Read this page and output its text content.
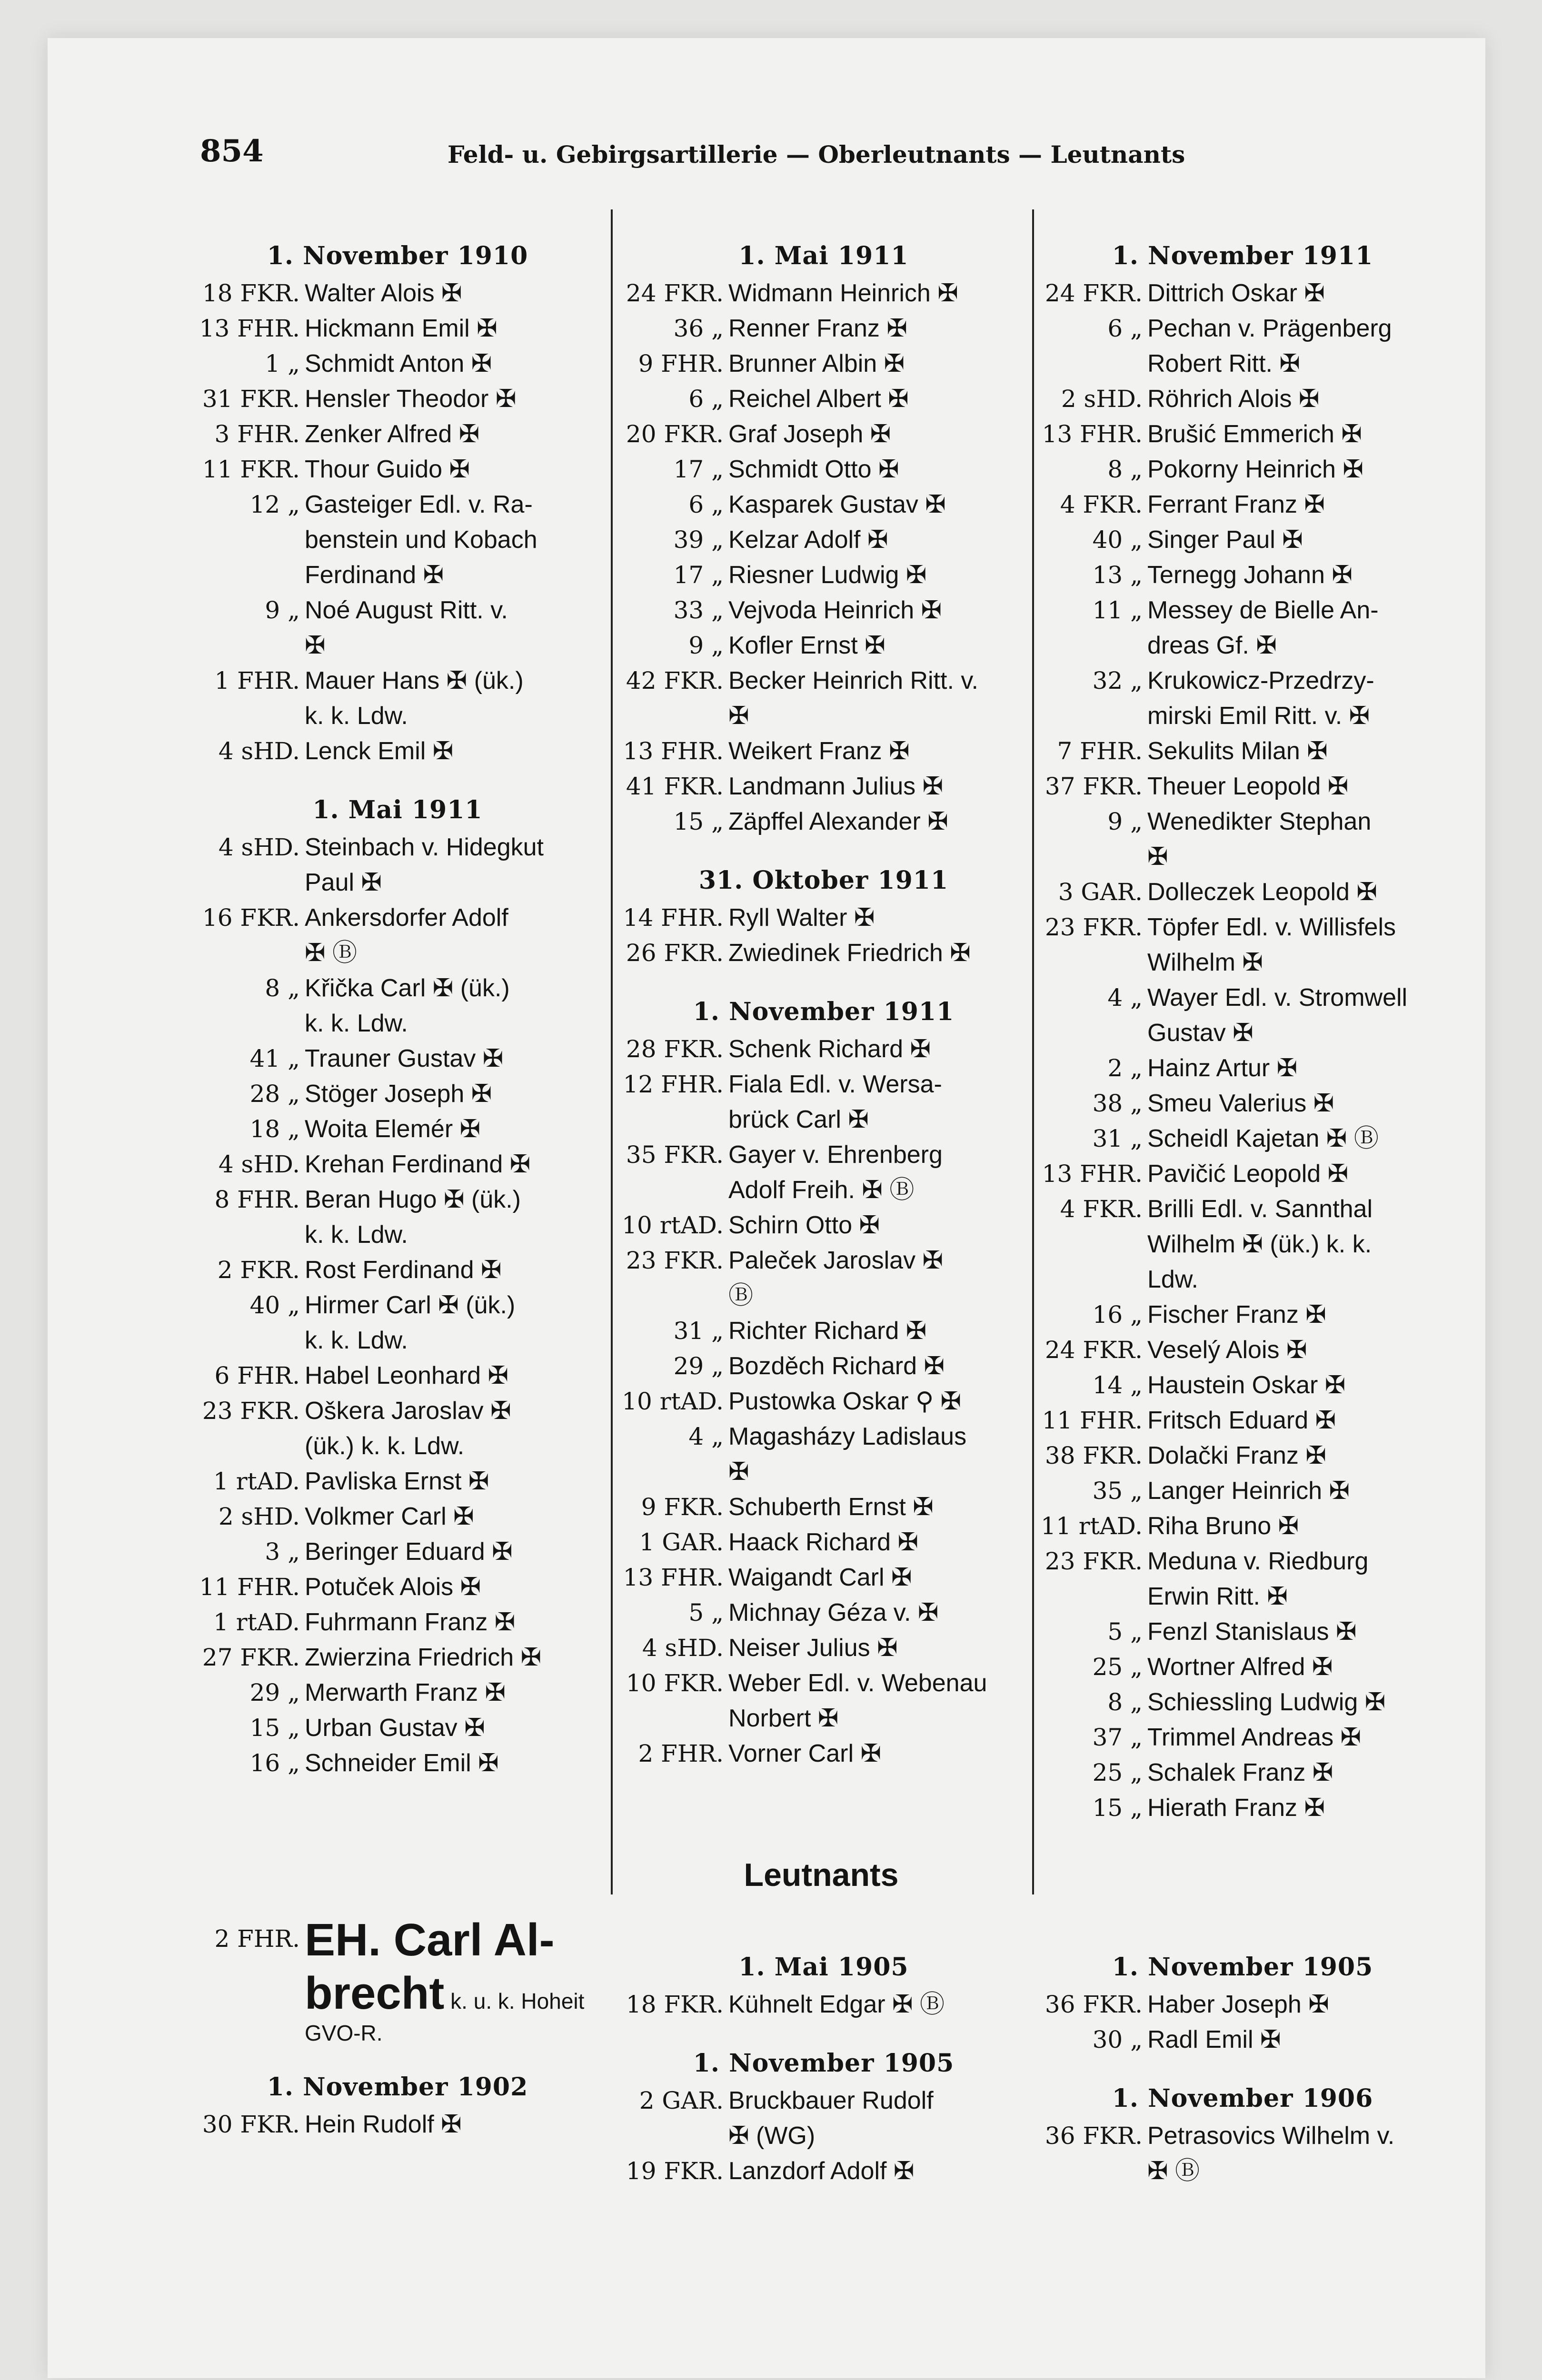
854	Feld- u. Gebirgsartillerie — Oberleutnants — Leutnants
1. November 1910
18 FKR. Walter Alois ✠
13 FHR. Hickmann Emil ✠
1 „ Schmidt Anton ✠
31 FKR. Hensler Theodor ✠
3 FHR. Zenker Alfred ✠
11 FKR. Thour Guido ✠
12 „ Gasteiger Edl. v. Ra-
benstein und Kobach
Ferdinand ✠
9 „ Noé August Ritt. v.
✠
1 FHR. Mauer Hans ✠ (ük.)
k. k. Ldw.
4 sHD. Lenck Emil ✠
1. Mai 1911
4 sHD. Steinbach v. Hidegkut
Paul ✠
16 FKR. Ankersdorfer Adolf
✠ Ⓑ
8 „ Křička Carl ✠ (ük.)
k. k. Ldw.
41 „ Trauner Gustav ✠
28 „ Stöger Joseph ✠
18 „ Woita Elemér ✠
4 sHD. Krehan Ferdinand ✠
8 FHR. Beran Hugo ✠ (ük.)
k. k. Ldw.
2 FKR. Rost Ferdinand ✠
40 „ Hirmer Carl ✠ (ük.)
k. k. Ldw.
6 FHR. Habel Leonhard ✠
23 FKR. Oškera Jaroslav ✠
(ük.) k. k. Ldw.
1 rtAD. Pavliska Ernst ✠
2 sHD. Volkmer Carl ✠
3 „ Beringer Eduard ✠
11 FHR. Potuček Alois ✠
1 rtAD. Fuhrmann Franz ✠
27 FKR. Zwierzina Friedrich ✠
29 „ Merwarth Franz ✠
15 „ Urban Gustav ✠
16 „ Schneider Emil ✠
1. Mai 1911
24 FKR. Widmann Heinrich ✠
36 „ Renner Franz ✠
9 FHR. Brunner Albin ✠
6 „ Reichel Albert ✠
20 FKR. Graf Joseph ✠
17 „ Schmidt Otto ✠
6 „ Kasparek Gustav ✠
39 „ Kelzar Adolf ✠
17 „ Riesner Ludwig ✠
33 „ Vejvoda Heinrich ✠
9 „ Kofler Ernst ✠
42 FKR. Becker Heinrich Ritt. v.
✠
13 FHR. Weikert Franz ✠
41 FKR. Landmann Julius ✠
15 „ Zäpffel Alexander ✠
31. Oktober 1911
14 FHR. Ryll Walter ✠
26 FKR. Zwiedinek Friedrich ✠
1. November 1911
28 FKR. Schenk Richard ✠
12 FHR. Fiala Edl. v. Wersa-
brück Carl ✠
35 FKR. Gayer v. Ehrenberg
Adolf Freih. ✠ Ⓑ
10 rtAD. Schirn Otto ✠
23 FKR. Paleček Jaroslav ✠
Ⓑ
31 „ Richter Richard ✠
29 „ Bozděch Richard ✠
10 rtAD. Pustowka Oskar ⚲ ✠
4 „ Magasházy Ladislaus
✠
9 FKR. Schuberth Ernst ✠
1 GAR. Haack Richard ✠
13 FHR. Waigandt Carl ✠
5 „ Michnay Géza v. ✠
4 sHD. Neiser Julius ✠
10 FKR. Weber Edl. v. Webenau
Norbert ✠
2 FHR. Vorner Carl ✠
1. November 1911
24 FKR. Dittrich Oskar ✠
6 „ Pechan v. Prägenberg
Robert Ritt. ✠
2 sHD. Röhrich Alois ✠
13 FHR. Brušić Emmerich ✠
8 „ Pokorny Heinrich ✠
4 FKR. Ferrant Franz ✠
40 „ Singer Paul ✠
13 „ Ternegg Johann ✠
11 „ Messey de Bielle An-
dreas Gf. ✠
32 „ Krukowicz-Przedrzy-
mirski Emil Ritt. v. ✠
7 FHR. Sekulits Milan ✠
37 FKR. Theuer Leopold ✠
9 „ Wenedikter Stephan
✠
3 GAR. Dolleczek Leopold ✠
23 FKR. Töpfer Edl. v. Willisfels
Wilhelm ✠
4 „ Wayer Edl. v. Stromwell
Gustav ✠
2 „ Hainz Artur ✠
38 „ Smeu Valerius ✠
31 „ Scheidl Kajetan ✠ Ⓑ
13 FHR. Pavičić Leopold ✠
4 FKR. Brilli Edl. v. Sannthal
Wilhelm ✠ (ük.) k. k.
Ldw.
16 „ Fischer Franz ✠
24 FKR. Veselý Alois ✠
14 „ Haustein Oskar ✠
11 FHR. Fritsch Eduard ✠
38 FKR. Dolački Franz ✠
35 „ Langer Heinrich ✠
11 rtAD. Riha Bruno ✠
23 FKR. Meduna v. Riedburg
Erwin Ritt. ✠
5 „ Fenzl Stanislaus ✠
25 „ Wortner Alfred ✠
8 „ Schiessling Ludwig ✠
37 „ Trimmel Andreas ✠
25 „ Schalek Franz ✠
15 „ Hierath Franz ✠
Leutnants
2 FHR. EH. Carl Al-
brecht k. u. k. Hoheit
GVO-R.
1. November 1902
30 FKR. Hein Rudolf ✠
1. Mai 1905
18 FKR. Kühnelt Edgar ✠ Ⓑ
1. November 1905
2 GAR. Bruckbauer Rudolf
✠ (WG)
19 FKR. Lanzdorf Adolf ✠
1. November 1905
36 FKR. Haber Joseph ✠
30 „ Radl Emil ✠
1. November 1906
36 FKR. Petrasovics Wilhelm v.
✠ Ⓑ
